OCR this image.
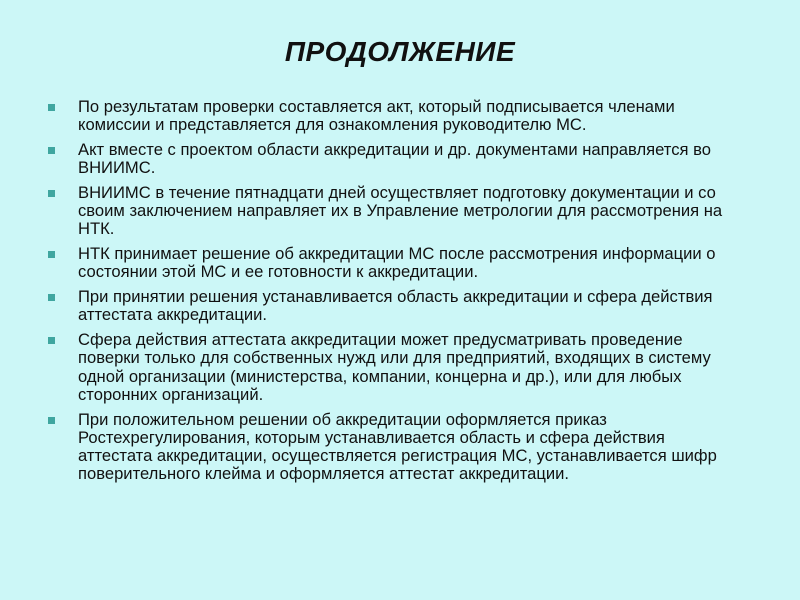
ПРОДОЛЖЕНИЕ
По результатам проверки составляется акт, который подписывается членами комиссии и представляется для ознакомления руководителю МС.
Акт вместе с проектом области аккредитации и др. документами направляется во ВНИИМС.
ВНИИМС в течение пятнадцати дней осуществляет подготовку документации и со своим заключением направляет их в Управление метрологии для рассмотрения на НТК.
НТК принимает решение об аккредитации МС после рассмотрения информации о состоянии этой МС и ее готовности к аккредитации.
При принятии решения устанавливается область аккредитации и сфера действия аттестата аккредитации.
Сфера действия аттестата аккредитации может предусматривать проведение поверки только для собственных нужд или для предприятий, входящих в систему одной организации (министерства, компании, концерна и др.), или для любых сторонних организаций.
При положительном решении об аккредитации оформляется приказ Ростехрегулирования, которым устанавливается область и сфера действия аттестата аккредитации, осуществляется регистрация МС, устанавливается шифр поверительного клейма и оформляется аттестат аккредитации.
